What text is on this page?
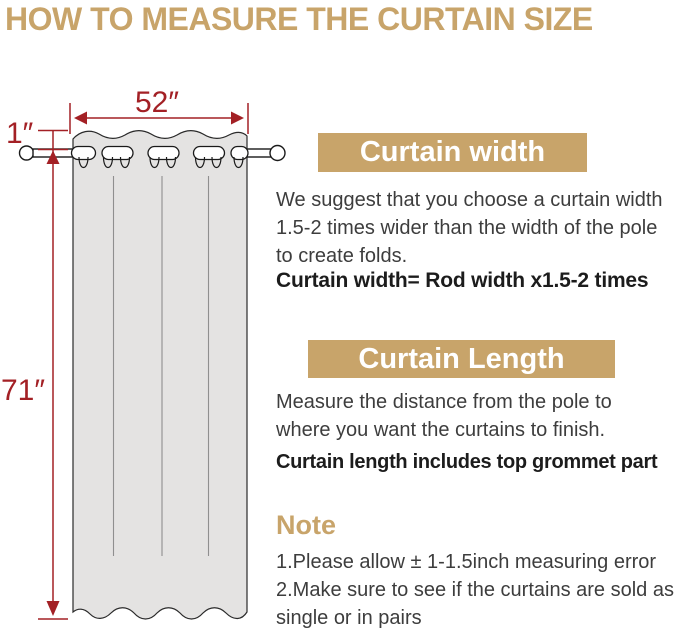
HOW TO MEASURE THE CURTAIN SIZE
52″
1″
71″
Curtain width
We suggest that you choose a curtain width 1.5-2 times wider than the width of the pole to create folds.
Curtain width= Rod width x1.5-2 times
Curtain Length
Measure the distance from the pole to where you want the curtains to finish.
Curtain length includes top grommet part
Note
1.Please allow ± 1-1.5inch measuring error
2.Make sure to see if the curtains are sold as single or in pairs
